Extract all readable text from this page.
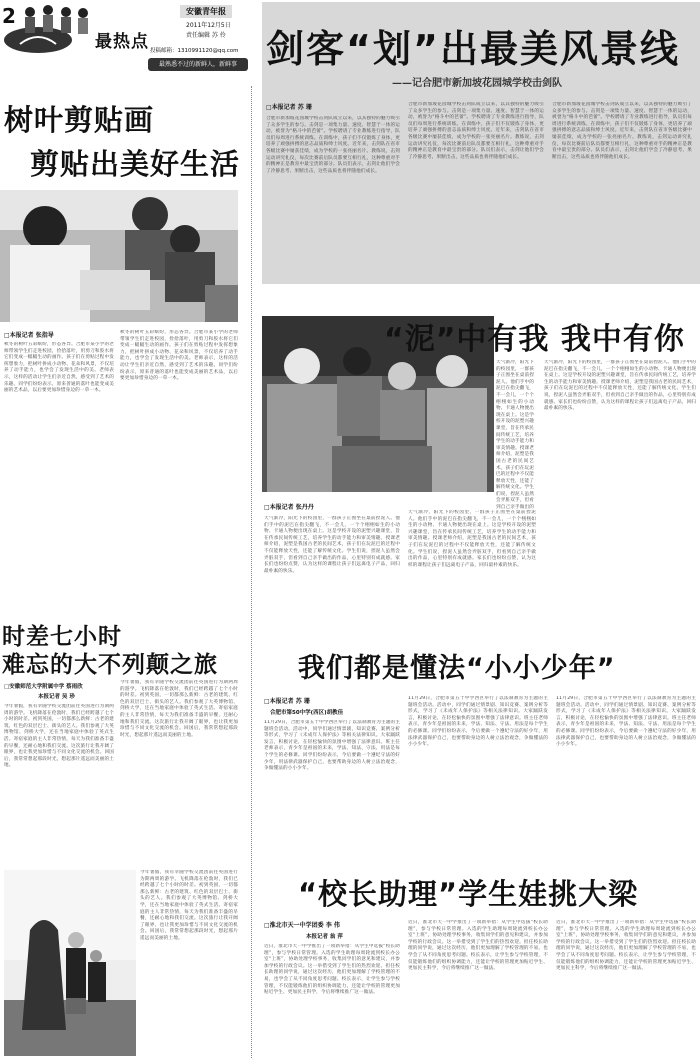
2
最热点
安徽青年报
2011年12月5日
责任编辑 苏 伶
投稿邮箱：1310991120@qq.com
最熟悉不过的新鲜人，新鲜事
树叶剪贴画
剪贴出美好生活
□本报记者 张指导
秋冬的树叶五彩缤纷，形态各异。合肥市某小学的老师带领学生们走进校园，捡拾落叶，用剪刀和胶水将它们变成一幅幅生动的画作。孩子们在剪贴过程中发挥想象力，把树叶拼成小动物、花朵和风景，不仅培养了动手能力，也学会了发现生活中的美。老师表示，这样的活动让学生们亲近自然，感受到了艺术的乐趣。同学们纷纷表示，原来普通的落叶也能变成美丽的艺术品，以后要更加珍惜身边的一草一木。
秋冬的树叶五彩缤纷，形态各异。合肥市某小学的老师带领学生们走进校园，捡拾落叶，用剪刀和胶水将它们变成一幅幅生动的画作。孩子们在剪贴过程中发挥想象力，把树叶拼成小动物、花朵和风景，不仅培养了动手能力，也学会了发现生活中的美。老师表示，这样的活动让学生们亲近自然，感受到了艺术的乐趣。同学们纷纷表示，原来普通的落叶也能变成美丽的艺术品，以后要更加珍惜身边的一草一木。
剑客“划”出最美风景线
——记合肥市新加坡花园城学校击剑队
□本报记者 苏 珊
合肥市新加坡花园城学校击剑队成立以来，以其独特的魅力吸引了众多学生的参与。击剑是一项集力量、速度、智慧于一体的运动，被誉为“格斗中的芭蕾”。学校聘请了专业教练进行指导，队员们每周进行系统训练。在训练中，孩子们不仅锻炼了身体，更培养了顽强拼搏的意志品质和绅士风度。近年来，击剑队在省市各级比赛中屡获佳绩，成为学校的一张亮丽名片。教练说，击剑运动讲究礼仪，每次比赛前后队员都要互相行礼，这种尊重对手的精神正是教育中最宝贵的部分。队员们表示，击剑让他们学会了冷静思考、果断出击，这些品质也将伴随他们成长。
合肥市新加坡花园城学校击剑队成立以来，以其独特的魅力吸引了众多学生的参与。击剑是一项集力量、速度、智慧于一体的运动，被誉为“格斗中的芭蕾”。学校聘请了专业教练进行指导，队员们每周进行系统训练。在训练中，孩子们不仅锻炼了身体，更培养了顽强拼搏的意志品质和绅士风度。近年来，击剑队在省市各级比赛中屡获佳绩，成为学校的一张亮丽名片。教练说，击剑运动讲究礼仪，每次比赛前后队员都要互相行礼，这种尊重对手的精神正是教育中最宝贵的部分。队员们表示，击剑让他们学会了冷静思考、果断出击，这些品质也将伴随他们成长。
合肥市新加坡花园城学校击剑队成立以来，以其独特的魅力吸引了众多学生的参与。击剑是一项集力量、速度、智慧于一体的运动，被誉为“格斗中的芭蕾”。学校聘请了专业教练进行指导，队员们每周进行系统训练。在训练中，孩子们不仅锻炼了身体，更培养了顽强拼搏的意志品质和绅士风度。近年来，击剑队在省市各级比赛中屡获佳绩，成为学校的一张亮丽名片。教练说，击剑运动讲究礼仪，每次比赛前后队员都要互相行礼，这种尊重对手的精神正是教育中最宝贵的部分。队员们表示，击剑让他们学会了冷静思考、果断出击，这些品质也将伴随他们成长。
“泥”中有我 我中有你
□本报记者 张丹丹
天气渐冷，阳光下的校园里，一群孩子正围坐在桌前捏泥人。他们手中的泥巴在指尖翻飞，不一会儿，一个个栩栩如生的小动物、卡通人物便出现在桌上。这是学校开设的泥塑兴趣课堂，旨在传承民间传统工艺，培养学生的动手能力和审美情趣。授课老师介绍，泥塑是我国古老的民间艺术，孩子们在玩泥巴的过程中不仅能释放天性，还能了解传统文化。学生们说，捏泥人虽然会弄脏双手，但看到自己亲手做出的作品，心里特别有成就感。家长们也纷纷点赞，认为这样的课程让孩子们远离电子产品，回归最朴素的快乐。
天气渐冷，阳光下的校园里，一群孩子正围坐在桌前捏泥人。他们手中的泥巴在指尖翻飞，不一会儿，一个个栩栩如生的小动物、卡通人物便出现在桌上。这是学校开设的泥塑兴趣课堂，旨在传承民间传统工艺，培养学生的动手能力和审美情趣。授课老师介绍，泥塑是我国古老的民间艺术，孩子们在玩泥巴的过程中不仅能释放天性，还能了解传统文化。学生们说，捏泥人虽然会弄脏双手，但看到自己亲手做出的
天气渐冷，阳光下的校园里，一群孩子正围坐在桌前捏泥人。他们手中的泥巴在指尖翻飞，不一会儿，一个个栩栩如生的小动物、卡通人物便出现在桌上。这是学校开设的泥塑兴趣课堂，旨在传承民间传统工艺，培养学生的动手能力和审美情趣。授课老师介绍，泥塑是我国古老的民间艺术，孩子们在玩泥巴的过程中不仅能释放天性，还能了解传统文化。学生们说，捏泥人虽然会弄脏双手，但看到自己亲手做出的作品，心里特别有成就感。家长们也纷纷点赞，认为这样的课程让孩子们远离电子产品，回归最朴素的快乐。
天气渐冷，阳光下的校园里，一群孩子正围坐在桌前捏泥人。他们手中的泥巴在指尖翻飞，不一会儿，一个个栩栩如生的小动物、卡通人物便出现在桌上。这是学校开设的泥塑兴趣课堂，旨在传承民间传统工艺，培养学生的动手能力和审美情趣。授课老师介绍，泥塑是我国古老的民间艺术，孩子们在玩泥巴的过程中不仅能释放天性，还能了解传统文化。学生们说，捏泥人虽然会弄脏双手，但看到自己亲手做出的作品，心里特别有成就感。家长们也纷纷点赞，认为这样的课程让孩子们远离电子产品，回归最朴素的快乐。
时差七小时
难忘的大不列颠之旅
□安徽师范大学附属中学 蔡雨欣
本报记者 吴 珍
今年暑假，我有幸随学校交流团前往英国进行为期两周的游学。飞机降落在伦敦时，我们已经跨越了七个小时的时差。初到英国，一切都那么新鲜：古老的建筑、红色的双层巴士、街头的艺人。我们参观了大英博物馆、剑桥大学，还在当地家庭中体验了英式生活。寄宿家庭的主人非常热情，每天为我们准备丰盛的早餐，还耐心地和我们交流。这次旅行让我开阔了眼界，也让我更加珍惜与不同文化交流的机会。回国后，我常常想起那段时光，想起那片遥远而美丽的土地。
今年暑假，我有幸随学校交流团前往英国进行为期两周的游学。飞机降落在伦敦时，我们已经跨越了七个小时的时差。初到英国，一切都那么新鲜：古老的建筑、红色的双层巴士、街头的艺人。我们参观了大英博物馆、剑桥大学，还在当地家庭中体验了英式生活。寄宿家庭的主人非常热情，每天为我们准备丰盛的早餐，还耐心地和我们交流。这次旅行让我开阔了眼界，也让我更加珍惜与不同文化交流的机会。回国后，我常常想起那段时光，想起那片遥远而美丽的土地。
今年暑假，我有幸随学校交流团前往英国进行为期两周的游学。飞机降落在伦敦时，我们已经跨越了七个小时的时差。初到英国，一切都那么新鲜：古老的建筑、红色的双层巴士、街头的艺人。我们参观了大英博物馆、剑桥大学，还在当地家庭中体验了英式生活。寄宿家庭的主人非常热情，每天为我们准备丰盛的早餐，还耐心地和我们交流。这次旅行让我开阔了眼界，也让我更加珍惜与不同文化交流的机会。回国后，我常常想起那段时光，想起那片遥远而美丽的土地。
我们都是懂法“小小少年”
□本报记者 苏 珊
合肥市第50中学(西区)胡教佳
11月29日，合肥市第五十中学西区举行了以法制教育为主题的主题班会活动。活动中，同学们通过情景剧、知识竞赛、案例分析等形式，学习了《未成年人保护法》等相关法律知识。大家踊跃发言，积极讨论，在轻松愉快的氛围中增强了法律意识。班主任老师表示，青少年是祖国的未来，学法、知法、守法、用法是每个学生的必修课。同学们纷纷表示，今后要做一个遵纪守法的好少年，用法律武器保护自己，也要帮助身边的人树立法治观念，争做懂法的小小少年。
11月29日，合肥市第五十中学西区举行了以法制教育为主题的主题班会活动。活动中，同学们通过情景剧、知识竞赛、案例分析等形式，学习了《未成年人保护法》等相关法律知识。大家踊跃发言，积极讨论，在轻松愉快的氛围中增强了法律意识。班主任老师表示，青少年是祖国的未来，学法、知法、守法、用法是每个学生的必修课。同学们纷纷表示，今后要做一个遵纪守法的好少年，用法律武器保护自己，也要帮助身边的人树立法治观念，争做懂法的小小少年。
11月29日，合肥市第五十中学西区举行了以法制教育为主题的主题班会活动。活动中，同学们通过情景剧、知识竞赛、案例分析等形式，学习了《未成年人保护法》等相关法律知识。大家踊跃发言，积极讨论，在轻松愉快的氛围中增强了法律意识。班主任老师表示，青少年是祖国的未来，学法、知法、守法、用法是每个学生的必修课。同学们纷纷表示，今后要做一个遵纪守法的好少年，用法律武器保护自己，也要帮助身边的人树立法治观念，争做懂法的小小少年。
“校长助理”学生娃挑大梁
□淮北市天一中学团委 李 伟
本报记者 翁 萍
近日，淮北市天一中学推出了一项新举措：从学生中选拔“校长助理”，参与学校日常管理。入选的学生助理每周轮流到校长办公室“上班”，协助处理学校事务，收集同学们的意见和建议，并参加学校的行政会议。这一举措受到了学生们的热烈欢迎。担任校长助理的同学说，通过这次经历，他们更加理解了学校管理的不易，也学会了从不同角度思考问题。校长表示，让学生参与学校管理，不仅能锻炼他们的组织协调能力，还能让学校的管理更加贴近学生、更加民主科学，今后将继续推广这一做法。
近日，淮北市天一中学推出了一项新举措：从学生中选拔“校长助理”，参与学校日常管理。入选的学生助理每周轮流到校长办公室“上班”，协助处理学校事务，收集同学们的意见和建议，并参加学校的行政会议。这一举措受到了学生们的热烈欢迎。担任校长助理的同学说，通过这次经历，他们更加理解了学校管理的不易，也学会了从不同角度思考问题。校长表示，让学生参与学校管理，不仅能锻炼他们的组织协调能力，还能让学校的管理更加贴近学生、更加民主科学，今后将继续推广这一做法。
近日，淮北市天一中学推出了一项新举措：从学生中选拔“校长助理”，参与学校日常管理。入选的学生助理每周轮流到校长办公室“上班”，协助处理学校事务，收集同学们的意见和建议，并参加学校的行政会议。这一举措受到了学生们的热烈欢迎。担任校长助理的同学说，通过这次经历，他们更加理解了学校管理的不易，也学会了从不同角度思考问题。校长表示，让学生参与学校管理，不仅能锻炼他们的组织协调能力，还能让学校的管理更加贴近学生、更加民主科学，今后将继续推广这一做法。
